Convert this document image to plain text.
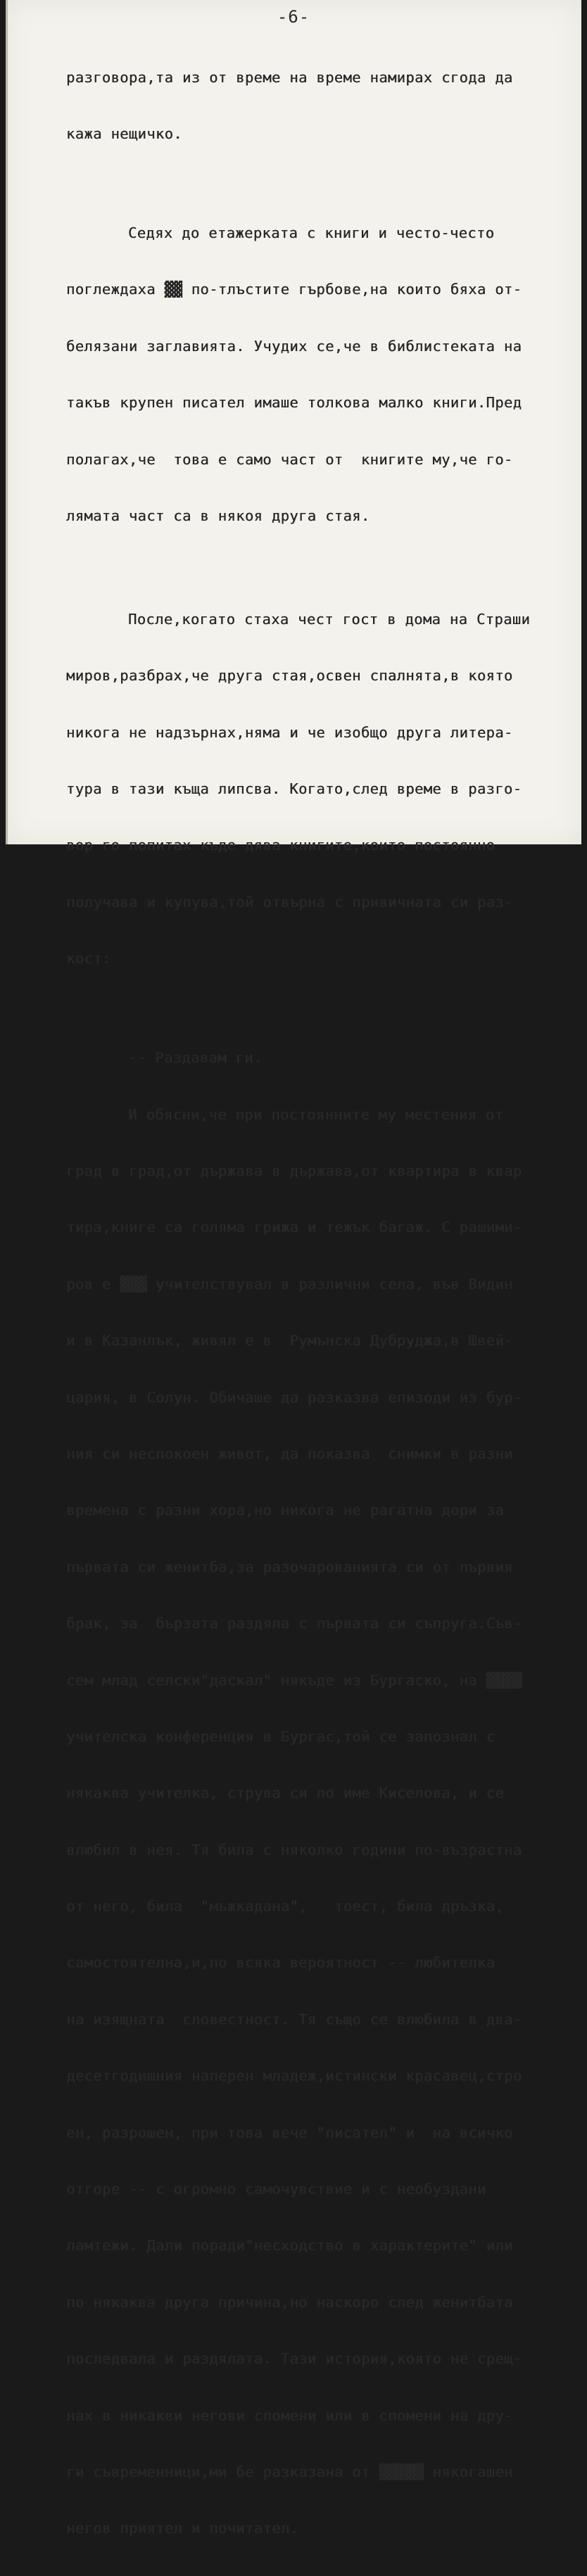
-6-

разговора,та из от време на време намирах сгода да

кажа нещичко.

Седях до етажерката с книги и често-често

поглеждаха ▓▓ по-тлъстите гърбове,на които бяха от-

белязани заглавията. Учудих се,че в библистеката на

такъв крупен писател имаше толкова малко книги.Пред

полагах,че  това е само част от  книгите му,че го-

лямата част са в някоя друга стая.

После,когато стаха чест гост в дома на Страши

миров,разбрах,че друга стая,освен спалнята,в която

никога не надзърнах,няма и че изобщо друга литера-

тура в тази къща липсва. Когато,след време в разго-

вор го попитах къде дява книгите,които постоянно

получава и купува,той отвърна с привичната си раз-

кост:

-- Раздавам ги.

И обясни,че при постоянните му местения от

град в град,от държава в държава,от квартира в квар

тира,книге са голяма грижа и тежък багаж. С рашими-

ров е ▓▓▓ учителствувал в различни села, във Видин

и в Казанлък, живял е в  Румънска Дубруджа,в Швей-

цария, в Солун. Обичаше да разказва епизоди из бур-

ния си неспокоен живот, да показва  снимки в разни

времена с разни хора,но никога не рагатна дори за

първата си женитба,за разочарованията си от първия

брак, за  бързата раздяла с първата си съпруга.Съв-

сем млад селски"даскал" някъде из Бургаско, на ▓▓▓▓

учителска конференция в Бургас,той се запознал с

някаква учителка, струва си по име Киселова, и се

влюбил в нея. Тя била с няколко години по-възрастна

от него, била  "мъжкадана",   тоест, била дръзка,

самостоятелна,и,по всяка вероятност -- любителка

на изящната  словестност. Тя също се влюбила в два-

десетгодишния наперен младеж,истински красавец,стро

ен, разрошен, при това вече "писател" и  на всичко

отгоре -- с огромно самочувствие и с необуздани

ламтежи. Дали поради"несходство в характерите" или

по някаква друга причина,но наскоро след женитбата

последвала и раздялата. Тази история,която не срещ-

нах в никакви негови спомени или в спомени на дру-

ги съвременници,ми бе разказана от ▓▓▓▓▓ някогашен

негов приятел и почитател.
